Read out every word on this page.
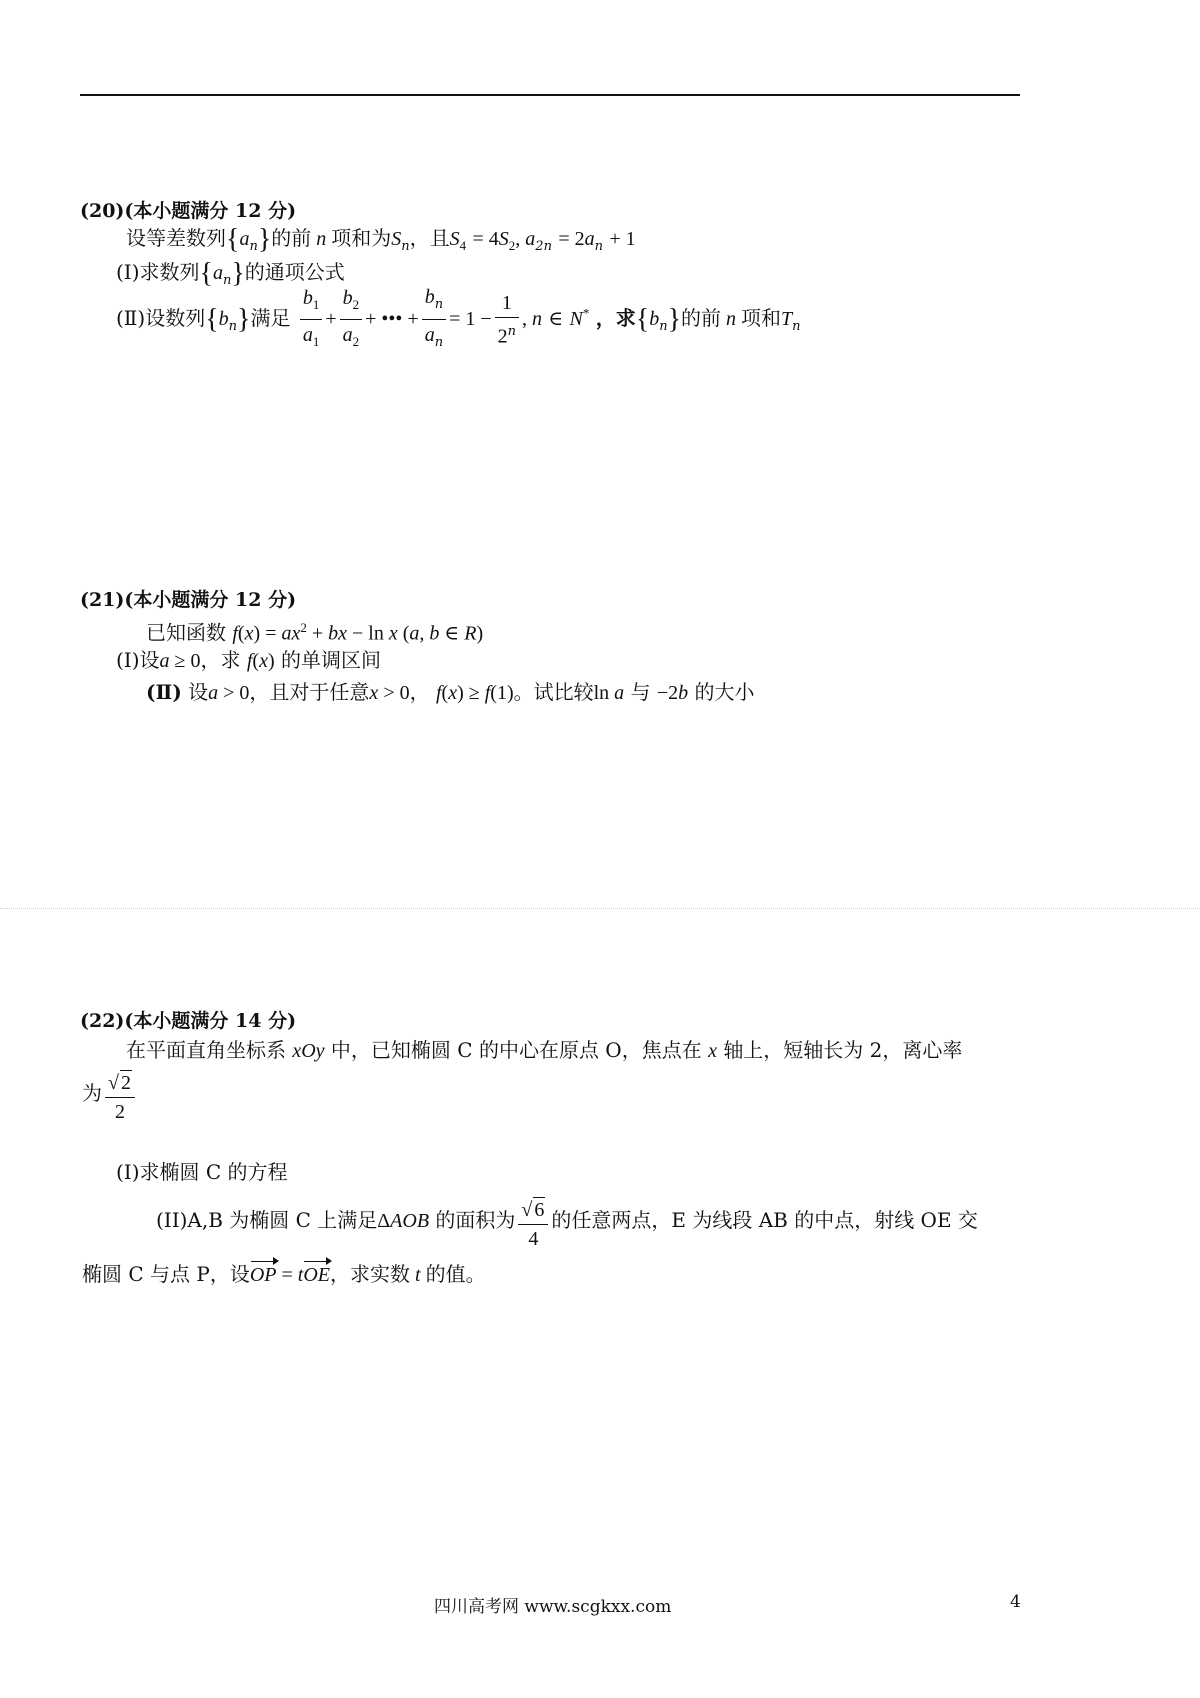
(20)(本小题满分 12 分)
设等差数列$\{a_n\}$的前 n 项和为$S_n$，且$S_4 = 4S_2$, $a_{2n} = 2a_n + 1$
(Ⅰ)求数列$\{a_n\}$的通项公式
(Ⅱ)设数列$\{b_n\}$满足 $\frac{b_1}{a_1} + \frac{b_2}{a_2}$ + ••• + $\frac{b_n}{a_n} = 1 - \frac{1}{2^n}$ , n ∈ N* ，求$\{b_n\}$的前 n 项和$T_n$
(21)(本小题满分 12 分)
已知函数 $f(x) = ax^2$ + bx − ln x (a, b ∈ R)
(Ⅰ)设a ≥ 0，求 f(x) 的单调区间
(Ⅱ) 设a > 0，且对于任意x > 0， f(x) ≥ f(1)。试比较ln a 与 −2b 的大小
(22)(本小题满分 14 分)
在平面直角坐标系 xOy 中，已知椭圆 C 的中心在原点 O，焦点在 x 轴上，短轴长为 2，离心率
为 $\frac{√ 2}{2}$
(I)求椭圆 C 的方程
(II)A,B 为椭圆 C 上满足ΔAOB 的面积为 $\frac{√ 6}{4}$ 的任意两点，E 为线段 AB 的中点，射线 OE 交
椭圆 C 与点 P，设OP = tOE，求实数 t 的值。
四川高考网 www.scgkxx.com	4
